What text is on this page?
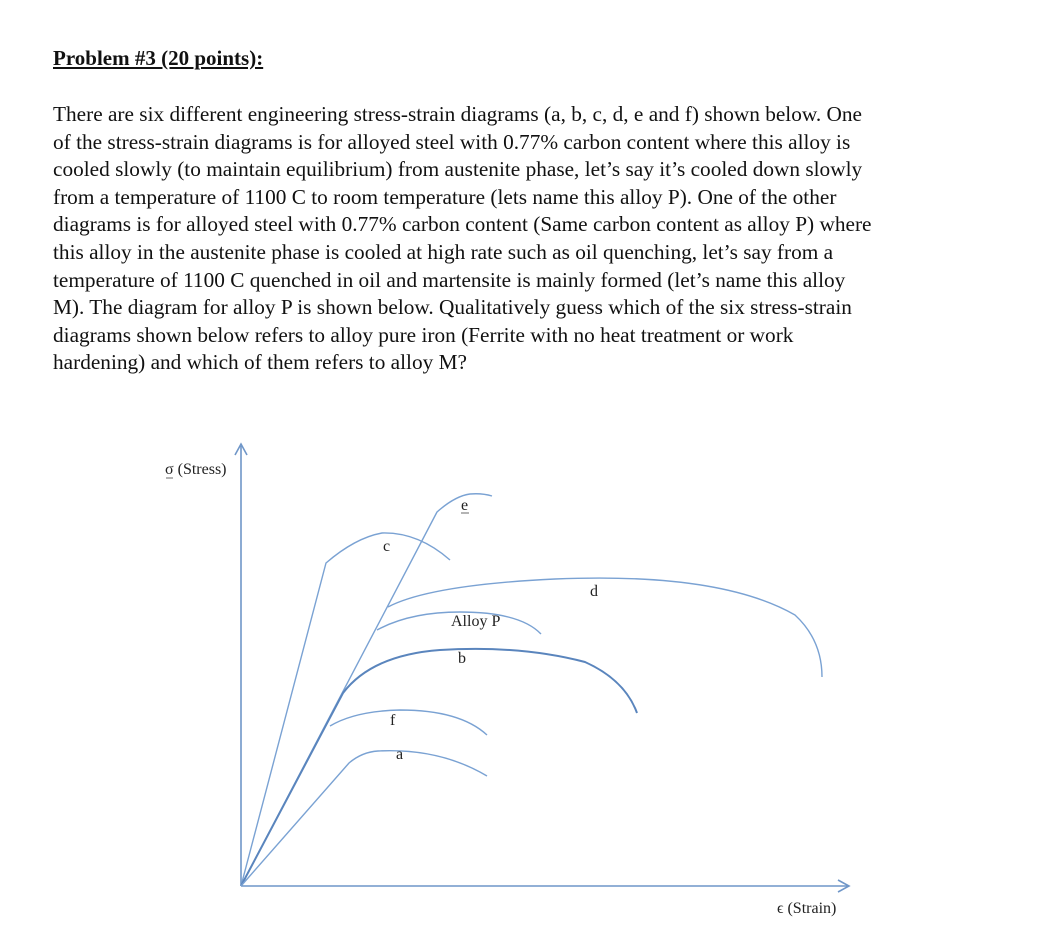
Problem #3 (20 points):
There are six different engineering stress-strain diagrams (a, b, c, d, e and f) shown below. One
of the stress-strain diagrams is for alloyed steel with 0.77% carbon content where this alloy is
cooled slowly (to maintain equilibrium) from austenite phase, let’s say it’s cooled down slowly
from a temperature of 1100 C to room temperature (lets name this alloy P). One of the other
diagrams is for alloyed steel with 0.77% carbon content (Same carbon content as alloy P) where
this alloy in the austenite phase is cooled at high rate such as oil quenching, let’s say from a
temperature of 1100 C quenched in oil and martensite is mainly formed (let’s name this alloy
M). The diagram for alloy P is shown below. Qualitatively guess which of the six stress-strain
diagrams shown below refers to alloy pure iron (Ferrite with no heat treatment or work
hardening) and which of them refers to alloy M?
σ (Stress)
ϵ (Strain)
c
e
d
Alloy P
b
f
a
